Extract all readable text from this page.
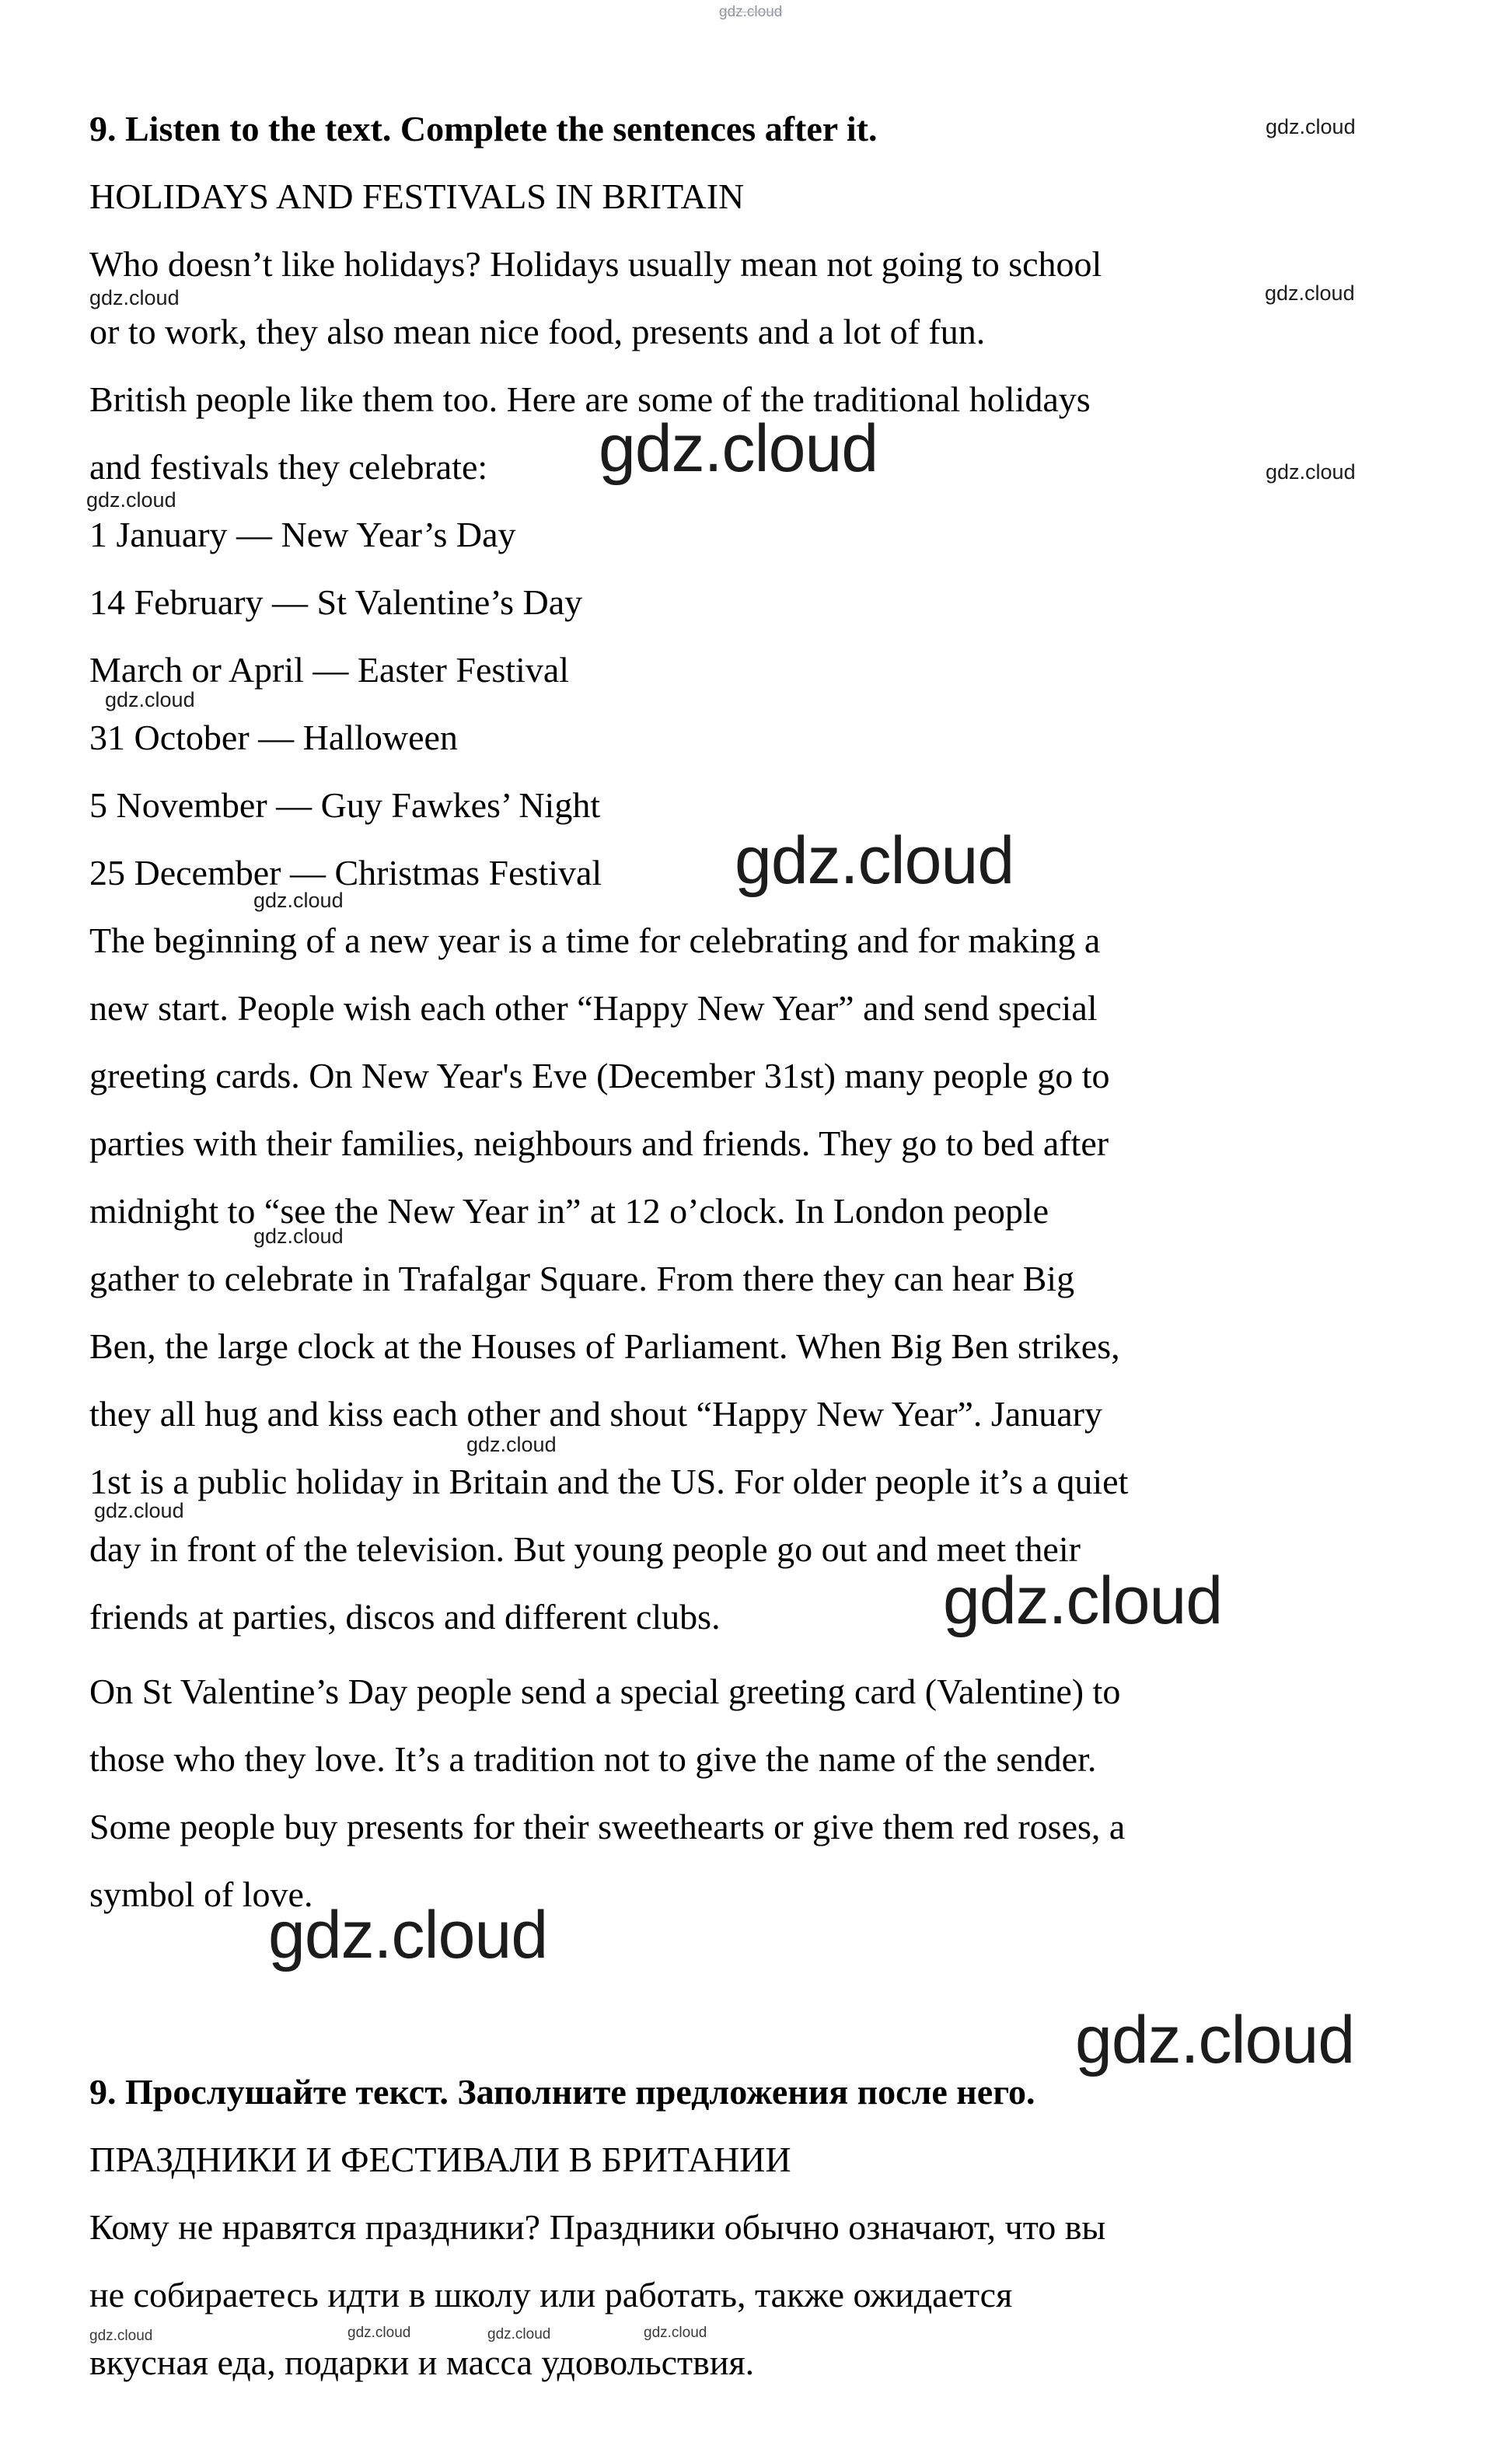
gdz.cloud
gdz.cloud
gdz.cloud	gdz.cloud
gdz.cloud	gdz.cloud
gdz.cloud
gdz.cloud
gdz.cloud
gdz.cloud
gdz.cloud
gdz.cloud
gdz.cloud
gdz.cloud
gdz.cloud
gdz.cloud
gdz.cloud	gdz.cloud	gdz.cloud	gdz.cloud
9. Listen to the text. Complete the sentences after it.
HOLIDAYS AND FESTIVALS IN BRITAIN
Who doesn’t like holidays? Holidays usually mean not going to school
or to work, they also mean nice food, presents and a lot of fun.
British people like them too. Here are some of the traditional holidays
and festivals they celebrate:
1 January — New Year’s Day
14 February — St Valentine’s Day
March or April — Easter Festival
31 October — Halloween
5 November — Guy Fawkes’ Night
25 December — Christmas Festival
The beginning of a new year is a time for celebrating and for making a
new start. People wish each other “Happy New Year” and send special
greeting cards. On New Year's Eve (December 31st) many people go to
parties with their families, neighbours and friends. They go to bed after
midnight to “see the New Year in” at 12 o’clock. In London people
gather to celebrate in Trafalgar Square. From there they can hear Big
Ben, the large clock at the Houses of Parliament. When Big Ben strikes,
they all hug and kiss each other and shout “Happy New Year”. January
1st is a public holiday in Britain and the US. For older people it’s a quiet
day in front of the television. But young people go out and meet their
friends at parties, discos and different clubs.
On St Valentine’s Day people send a special greeting card (Valentine) to
those who they love. It’s a tradition not to give the name of the sender.
Some people buy presents for their sweethearts or give them red roses, a
symbol of love.
9. Прослушайте текст. Заполните предложения после него.
ПРАЗДНИКИ И ФЕСТИВАЛИ В БРИТАНИИ
Кому не нравятся праздники? Праздники обычно означают, что вы
не собираетесь идти в школу или работать, также ожидается
вкусная еда, подарки и масса удовольствия.
